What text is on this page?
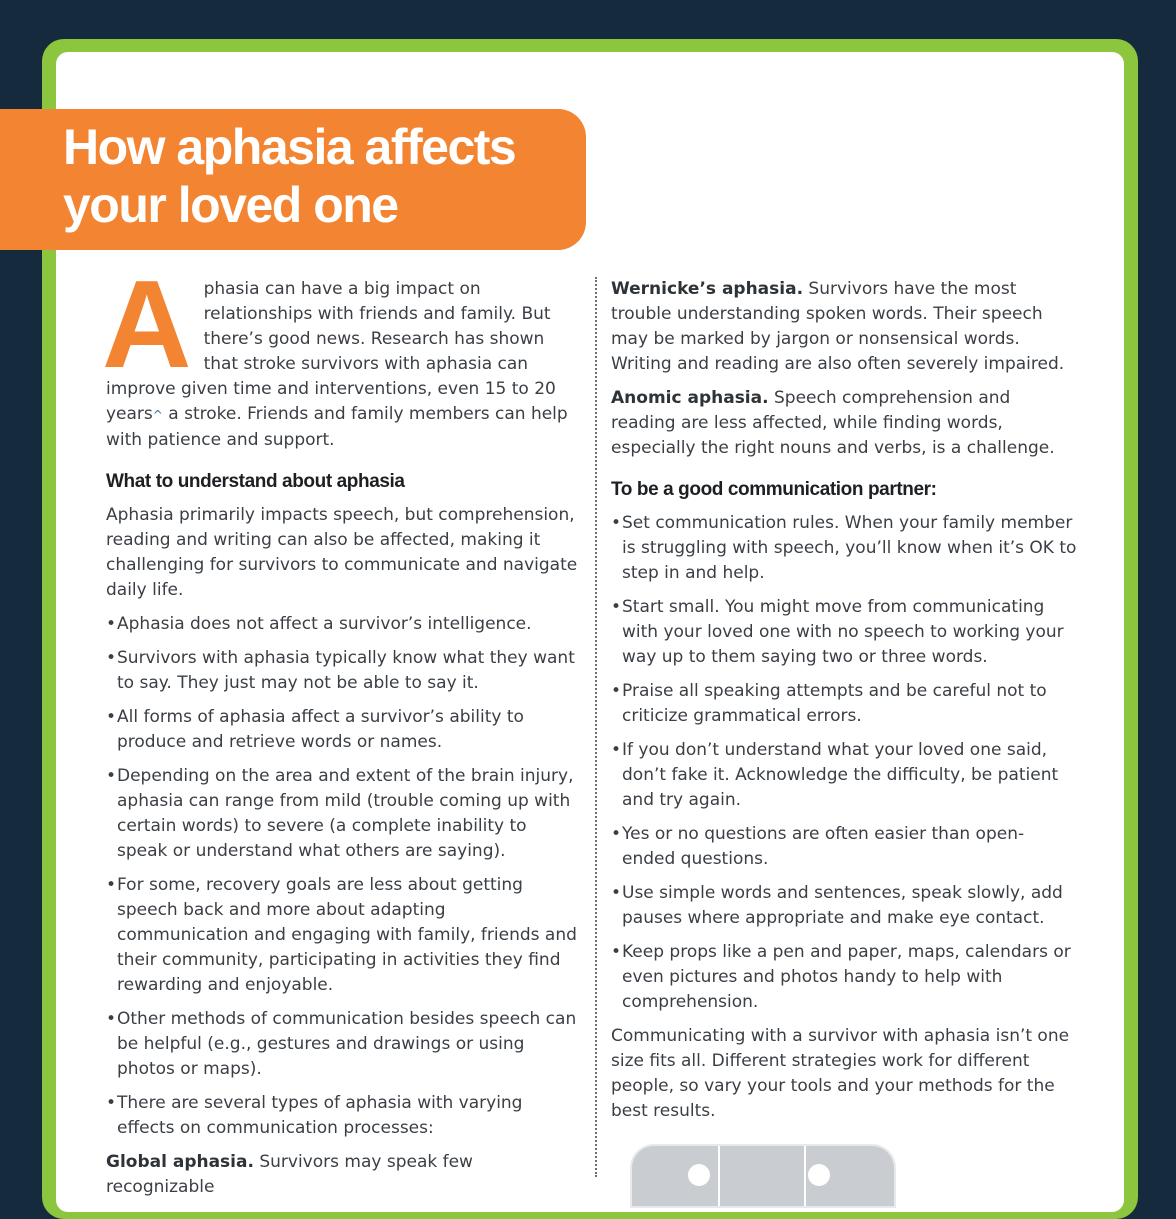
How aphasia affects
your loved one

Aphasia can have a big impact on relationships with friends and family. But there’s good news. Research has shown that stroke survivors with aphasia can improve given time and interventions, even 15 to 20 years^ a stroke. Friends and family members can help with patience and support.

What to understand about aphasia

Aphasia primarily impacts speech, but comprehension, reading and writing can also be affected, making it challenging for survivors to communicate and navigate daily life.

• Aphasia does not affect a survivor’s intelligence.
• Survivors with aphasia typically know what they want to say. They just may not be able to say it.
• All forms of aphasia affect a survivor’s ability to produce and retrieve words or names.
• Depending on the area and extent of the brain injury, aphasia can range from mild (trouble coming up with certain words) to severe (a complete inability to speak or understand what others are saying).
• For some, recovery goals are less about getting speech back and more about adapting communication and engaging with family, friends and their community, participating in activities they find rewarding and enjoyable.
• Other methods of communication besides speech can be helpful (e.g., gestures and drawings or using photos or maps).
• There are several types of aphasia with varying effects on communication processes:

Global aphasia. Survivors may speak few recognizable

Wernicke’s aphasia. Survivors have the most trouble understanding spoken words. Their speech may be marked by jargon or nonsensical words. Writing and reading are also often severely impaired.

Anomic aphasia. Speech comprehension and reading are less affected, while finding words, especially the right nouns and verbs, is a challenge.

To be a good communication partner:
• Set communication rules. When your family member is struggling with speech, you’ll know when it’s OK to step in and help.
• Start small. You might move from communicating with your loved one with no speech to working your way up to them saying two or three words.
• Praise all speaking attempts and be careful not to criticize grammatical errors.
• If you don’t understand what your loved one said, don’t fake it. Acknowledge the difficulty, be patient and try again.
• Yes or no questions are often easier than open-ended questions.
• Use simple words and sentences, speak slowly, add pauses where appropriate and make eye contact.
• Keep props like a pen and paper, maps, calendars or even pictures and photos handy to help with comprehension.

Communicating with a survivor with aphasia isn’t one size fits all. Different strategies work for different people, so vary your tools and your methods for the best results.
